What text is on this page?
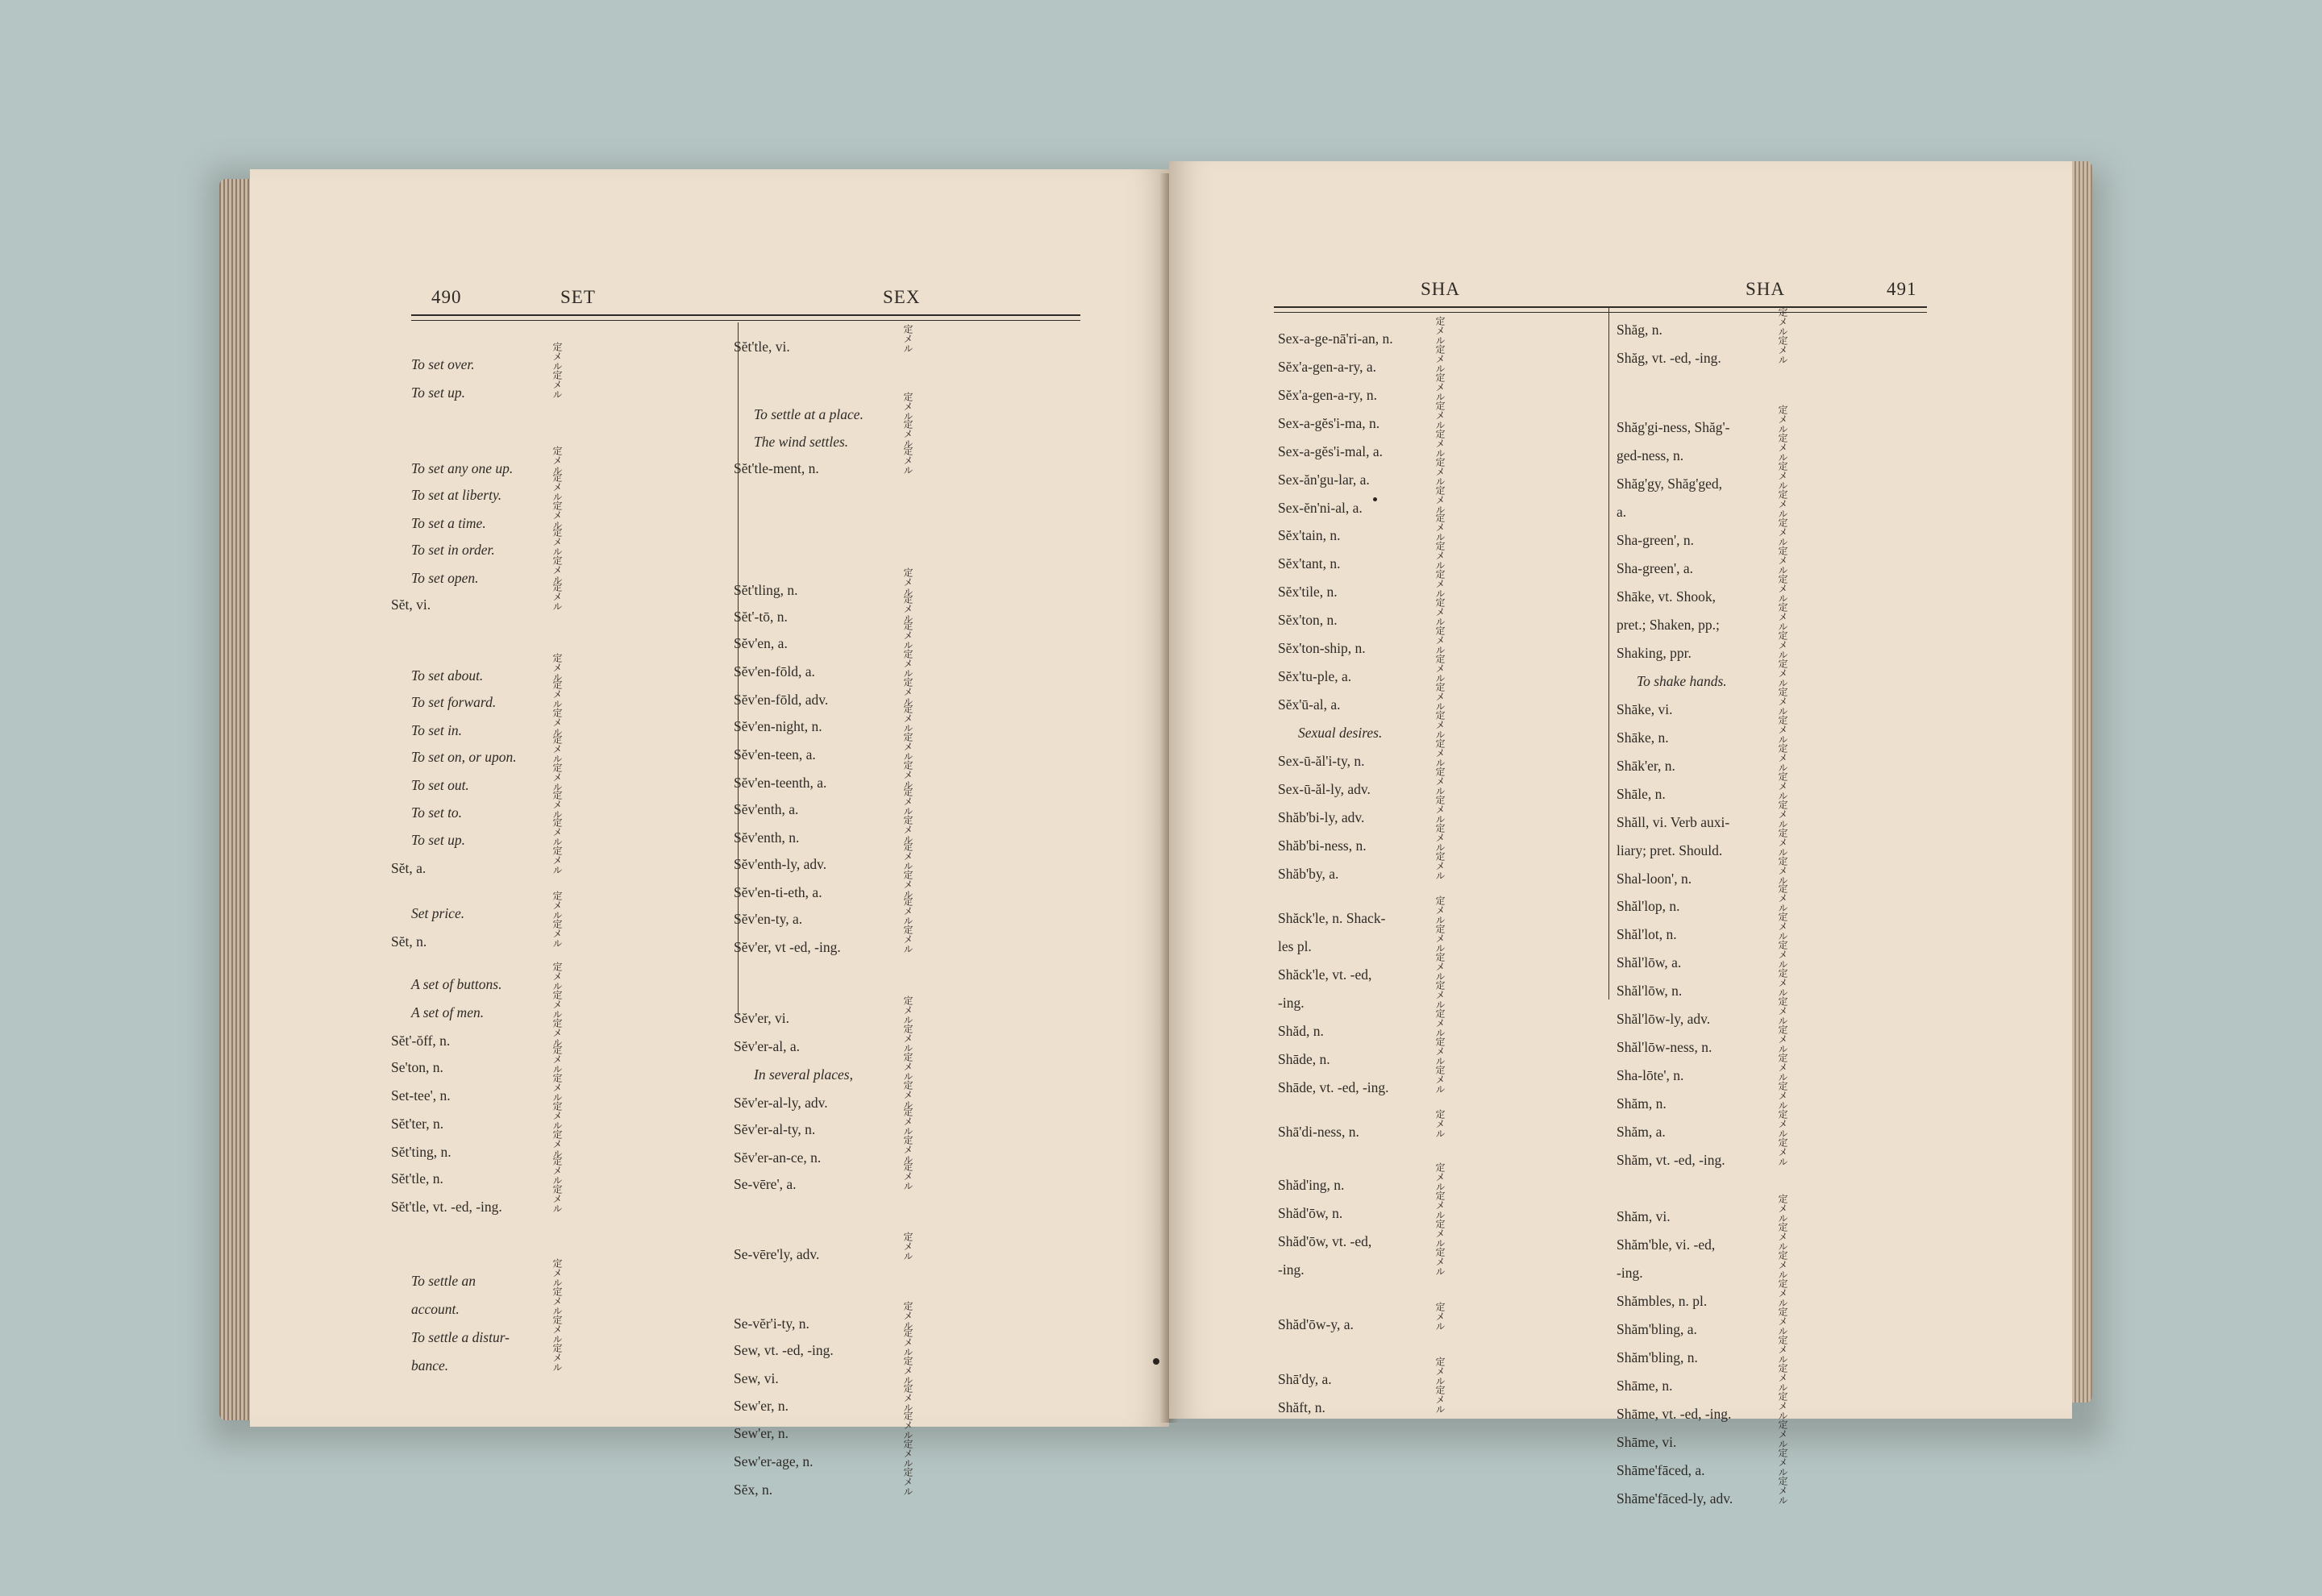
490	SET	SEX
To set over.	定メル
To set up.	定メル
To set any one up.	定メル
To set at liberty.	定メル
To set a time.	定メル
To set in order.	定メル
To set open.	定メル
Sĕt, vi.	定メル
To set about.	定メル
To set forward.	定メル
To set in.	定メル
To set on, or upon.	定メル
To set out.	定メル
To set to.	定メル
To set up.	定メル
Sĕt, a.	定メル
Set price.	定メル
Sĕt, n.	定メル
A set of buttons.	定メル
A set of men.	定メル
Sĕt'-ŏff, n.	定メル
Se'ton, n.	定メル
Set-tee', n.	定メル
Sĕt'ter, n.	定メル
Sĕt'ting, n.	定メル
Sĕt'tle, n.	定メル
Sĕt'tle, vt. -ed, -ing.	定メル
To settle an	定メル
account.	定メル
To settle a distur-	定メル
bance.	定メル
Sĕt'tle, vi.	定メル
To settle at a place.	定メル
The wind settles.	定メル
Sĕt'tle-ment, n.	定メル
Sĕt'tling, n.	定メル
Sĕt'-tō, n.	定メル
Sĕv'en, a.	定メル
Sĕv'en-fōld, a.	定メル
Sĕv'en-fōld, adv.	定メル
Sĕv'en-night, n.	定メル
Sĕv'en-teen, a.	定メル
Sĕv'en-teenth, a.	定メル
Sĕv'enth, a.	定メル
Sĕv'enth, n.	定メル
Sĕv'enth-ly, adv.	定メル
Sĕv'en-ti-eth, a.	定メル
Sĕv'en-ty, a.	定メル
Sĕv'er, vt -ed, -ing.	定メル
Sĕv'er, vi.	定メル
Sĕv'er-al, a.	定メル
In several places,	定メル
Sĕv'er-al-ly, adv.	定メル
Sĕv'er-al-ty, n.	定メル
Sĕv'er-an-ce, n.	定メル
Se-vēre', a.	定メル
Se-vēre'ly, adv.	定メル
Se-vĕr'i-ty, n.	定メル
Sew, vt. -ed, -ing.	定メル
Sew, vi.	定メル
Sew'er, n.	定メル
Sew'er, n.	定メル
Sew'er-age, n.	定メル
Sĕx, n.	定メル
SHA	SHA	491
Sex-a-ge-nā'ri-an, n.	定メル
Sĕx'a-gen-a-ry, a.	定メル
Sĕx'a-gen-a-ry, n.	定メル
Sex-a-gĕs'i-ma, n.	定メル
Sex-a-gĕs'i-mal, a.	定メル
Sex-ăn'gu-lar, a.	定メル
Sex-ĕn'ni-al, a.	定メル
Sĕx'tain, n.	定メル
Sĕx'tant, n.	定メル
Sĕx'tile, n.	定メル
Sĕx'ton, n.	定メル
Sĕx'ton-ship, n.	定メル
Sĕx'tu-ple, a.	定メル
Sĕx'ū-al, a.	定メル
Sexual desires.	定メル
Sex-ū-ăl'i-ty, n.	定メル
Sex-ū-ăl-ly, adv.	定メル
Shăb'bi-ly, adv.	定メル
Shăb'bi-ness, n.	定メル
Shăb'by, a.	定メル
Shăck'le, n. Shack-	定メル
les pl.	定メル
Shăck'le, vt. -ed,	定メル
-ing.	定メル
Shăd, n.	定メル
Shāde, n.	定メル
Shāde, vt. -ed, -ing.	定メル
Shā'di-ness, n.	定メル
Shăd'ing, n.	定メル
Shăd'ōw, n.	定メル
Shăd'ōw, vt. -ed,	定メル
-ing.	定メル
Shăd'ōw-y, a.	定メル
Shā'dy, a.	定メル
Shăft, n.	定メル
Shăg, n.	定メル
Shăg, vt. -ed, -ing.	定メル
Shăg'gi-ness, Shăg'-	定メル
ged-ness, n.	定メル
Shăg'gy, Shăg'ged,	定メル
a.	定メル
Sha-green', n.	定メル
Sha-green', a.	定メル
Shāke, vt. Shook,	定メル
pret.; Shaken, pp.;	定メル
Shaking, ppr.	定メル
To shake hands.	定メル
Shāke, vi.	定メル
Shāke, n.	定メル
Shāk'er, n.	定メル
Shāle, n.	定メル
Shăll, vi. Verb auxi-	定メル
liary; pret. Should.	定メル
Shal-loon', n.	定メル
Shăl'lop, n.	定メル
Shăl'lot, n.	定メル
Shăl'lōw, a.	定メル
Shăl'lōw, n.	定メル
Shăl'lōw-ly, adv.	定メル
Shăl'lōw-ness, n.	定メル
Sha-lōte', n.	定メル
Shăm, n.	定メル
Shăm, a.	定メル
Shăm, vt. -ed, -ing.	定メル
Shăm, vi.	定メル
Shăm'ble, vi. -ed,	定メル
-ing.	定メル
Shămbles, n. pl.	定メル
Shăm'bling, a.	定メル
Shăm'bling, n.	定メル
Shāme, n.	定メル
Shāme, vt. -ed, -ing.	定メル
Shāme, vi.	定メル
Shāme'fāced, a.	定メル
Shāme'fāced-ly, adv.	定メル
